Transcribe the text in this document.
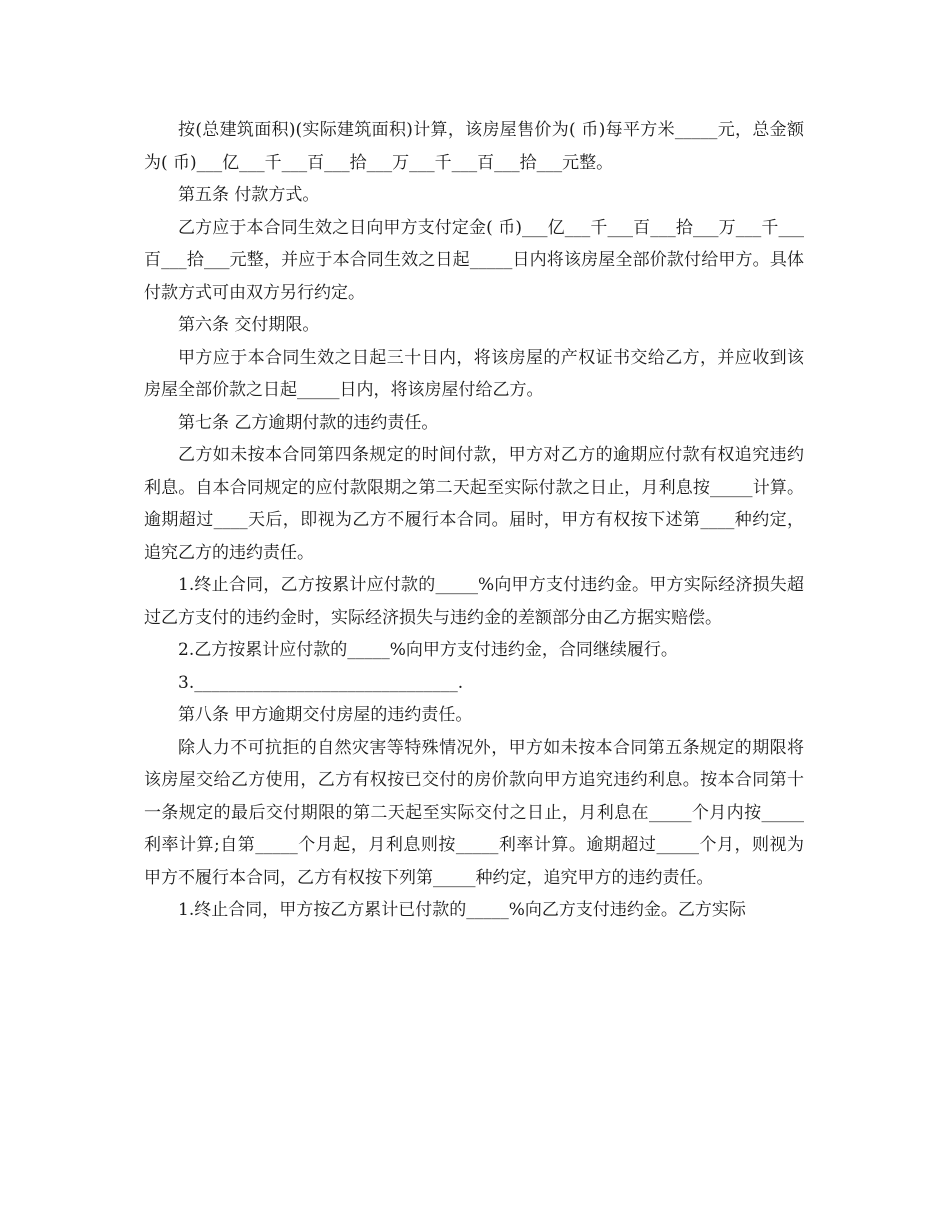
按(总建筑面积)(实际建筑面积)计算，该房屋售价为( 币)每平方米_____元，总金额为( 币)___亿___千___百___拾___万___千___百___拾___元整。

第五条 付款方式。

乙方应于本合同生效之日向甲方支付定金( 币)___亿___千___百___拾___万___千___百___拾___元整，并应于本合同生效之日起_____日内将该房屋全部价款付给甲方。具体付款方式可由双方另行约定。

第六条 交付期限。

甲方应于本合同生效之日起三十日内，将该房屋的产权证书交给乙方，并应收到该房屋全部价款之日起_____日内，将该房屋付给乙方。

第七条 乙方逾期付款的违约责任。

乙方如未按本合同第四条规定的时间付款，甲方对乙方的逾期应付款有权追究违约利息。自本合同规定的应付款限期之第二天起至实际付款之日止，月利息按_____计算。逾期超过____天后，即视为乙方不履行本合同。届时，甲方有权按下述第____种约定，追究乙方的违约责任。

1.终止合同，乙方按累计应付款的_____%向甲方支付违约金。甲方实际经济损失超过乙方支付的违约金时，实际经济损失与违约金的差额部分由乙方据实赔偿。

2.乙方按累计应付款的_____%向甲方支付违约金，合同继续履行。

3._______________________________.

第八条 甲方逾期交付房屋的违约责任。

除人力不可抗拒的自然灾害等特殊情况外，甲方如未按本合同第五条规定的期限将该房屋交给乙方使用，乙方有权按已交付的房价款向甲方追究违约利息。按本合同第十一条规定的最后交付期限的第二天起至实际交付之日止，月利息在_____个月内按_____利率计算;自第_____个月起，月利息则按_____利率计算。逾期超过_____个月，则视为甲方不履行本合同，乙方有权按下列第_____种约定，追究甲方的违约责任。

1.终止合同，甲方按乙方累计已付款的_____%向乙方支付违约金。乙方实际
